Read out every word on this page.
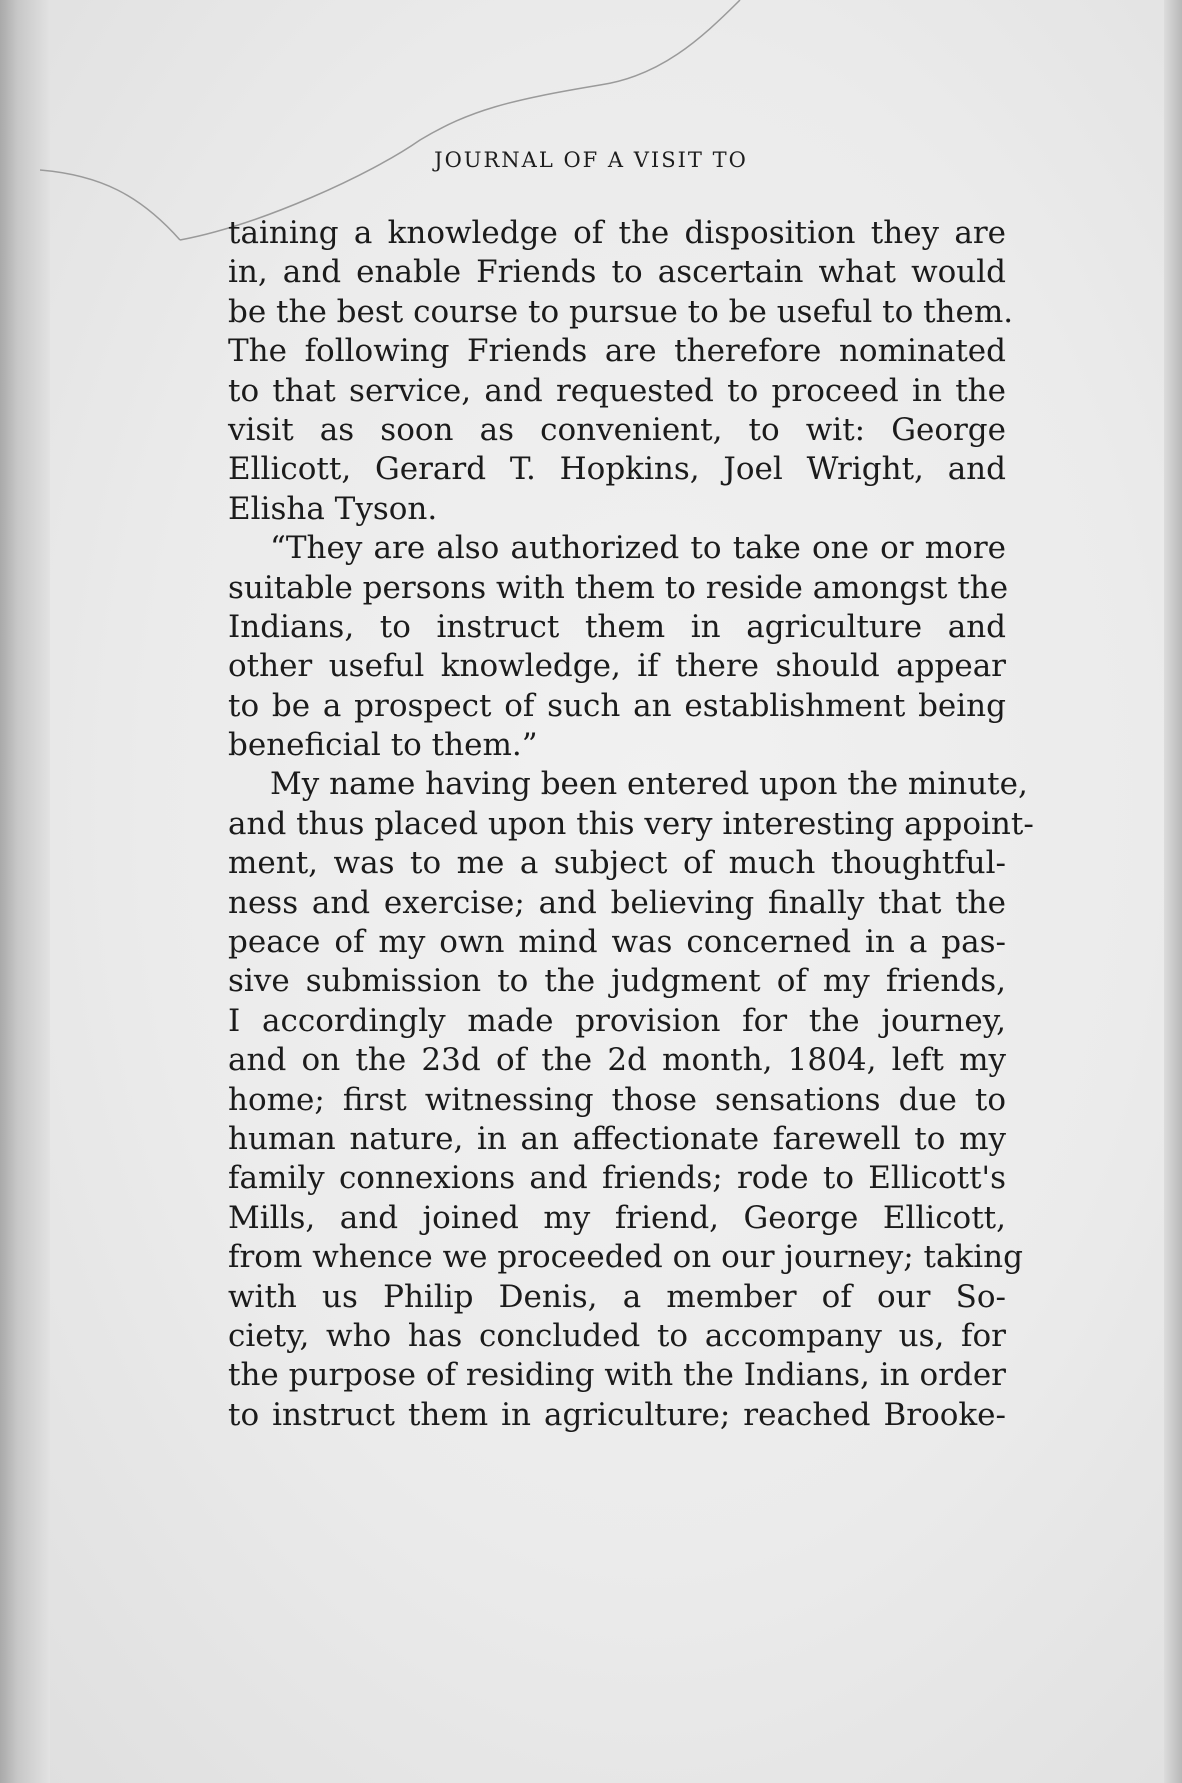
JOURNAL OF A VISIT TO
taining a knowledge of the disposition they are
in, and enable Friends to ascertain what would
be the best course to pursue to be useful to them.
The following Friends are therefore nominated
to that service, and requested to proceed in the
visit as soon as convenient, to wit: George
Ellicott, Gerard T. Hopkins, Joel Wright, and
Elisha Tyson.
“They are also authorized to take one or more
suitable persons with them to reside amongst the
Indians, to instruct them in agriculture and
other useful knowledge, if there should appear
to be a prospect of such an establishment being
beneficial to them.”
My name having been entered upon the minute,
and thus placed upon this very interesting appoint-
ment, was to me a subject of much thoughtful-
ness and exercise; and believing finally that the
peace of my own mind was concerned in a pas-
sive submission to the judgment of my friends,
I accordingly made provision for the journey,
and on the 23d of the 2d month, 1804, left my
home; first witnessing those sensations due to
human nature, in an affectionate farewell to my
family connexions and friends; rode to Ellicott's
Mills, and joined my friend, George Ellicott,
from whence we proceeded on our journey; taking
with us Philip Denis, a member of our So-
ciety, who has concluded to accompany us, for
the purpose of residing with the Indians, in order
to instruct them in agriculture; reached Brooke-
